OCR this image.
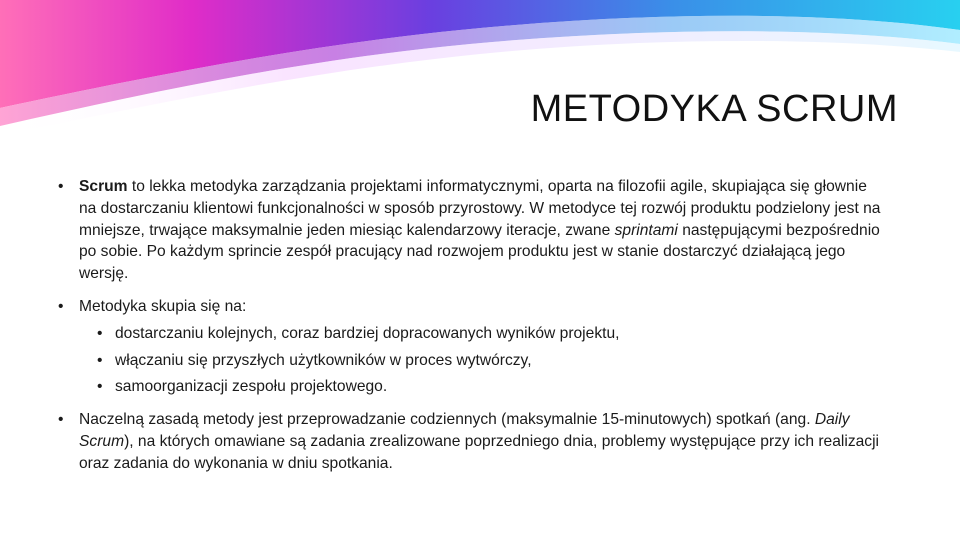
METODYKA SCRUM
• Scrum to lekka metodyka zarządzania projektami informatycznymi, oparta na filozofii agile, skupiająca się głownie na dostarczaniu klientowi funkcjonalności w sposób przyrostowy. W metodyce tej rozwój produktu podzielony jest na mniejsze, trwające maksymalnie jeden miesiąc kalendarzowy iteracje, zwane sprintami następującymi bezpośrednio po sobie. Po każdym sprincie zespół pracujący nad rozwojem produktu jest w stanie dostarczyć działającą jego wersję.
• Metodyka skupia się na:
• dostarczaniu kolejnych, coraz bardziej dopracowanych wyników projektu,
• włączaniu się przyszłych użytkowników w proces wytwórczy,
• samoorganizacji zespołu projektowego.
• Naczelną zasadą metody jest przeprowadzanie codziennych (maksymalnie 15-minutowych) spotkań (ang. Daily Scrum), na których omawiane są zadania zrealizowane poprzedniego dnia, problemy występujące przy ich realizacji oraz zadania do wykonania w dniu spotkania.
